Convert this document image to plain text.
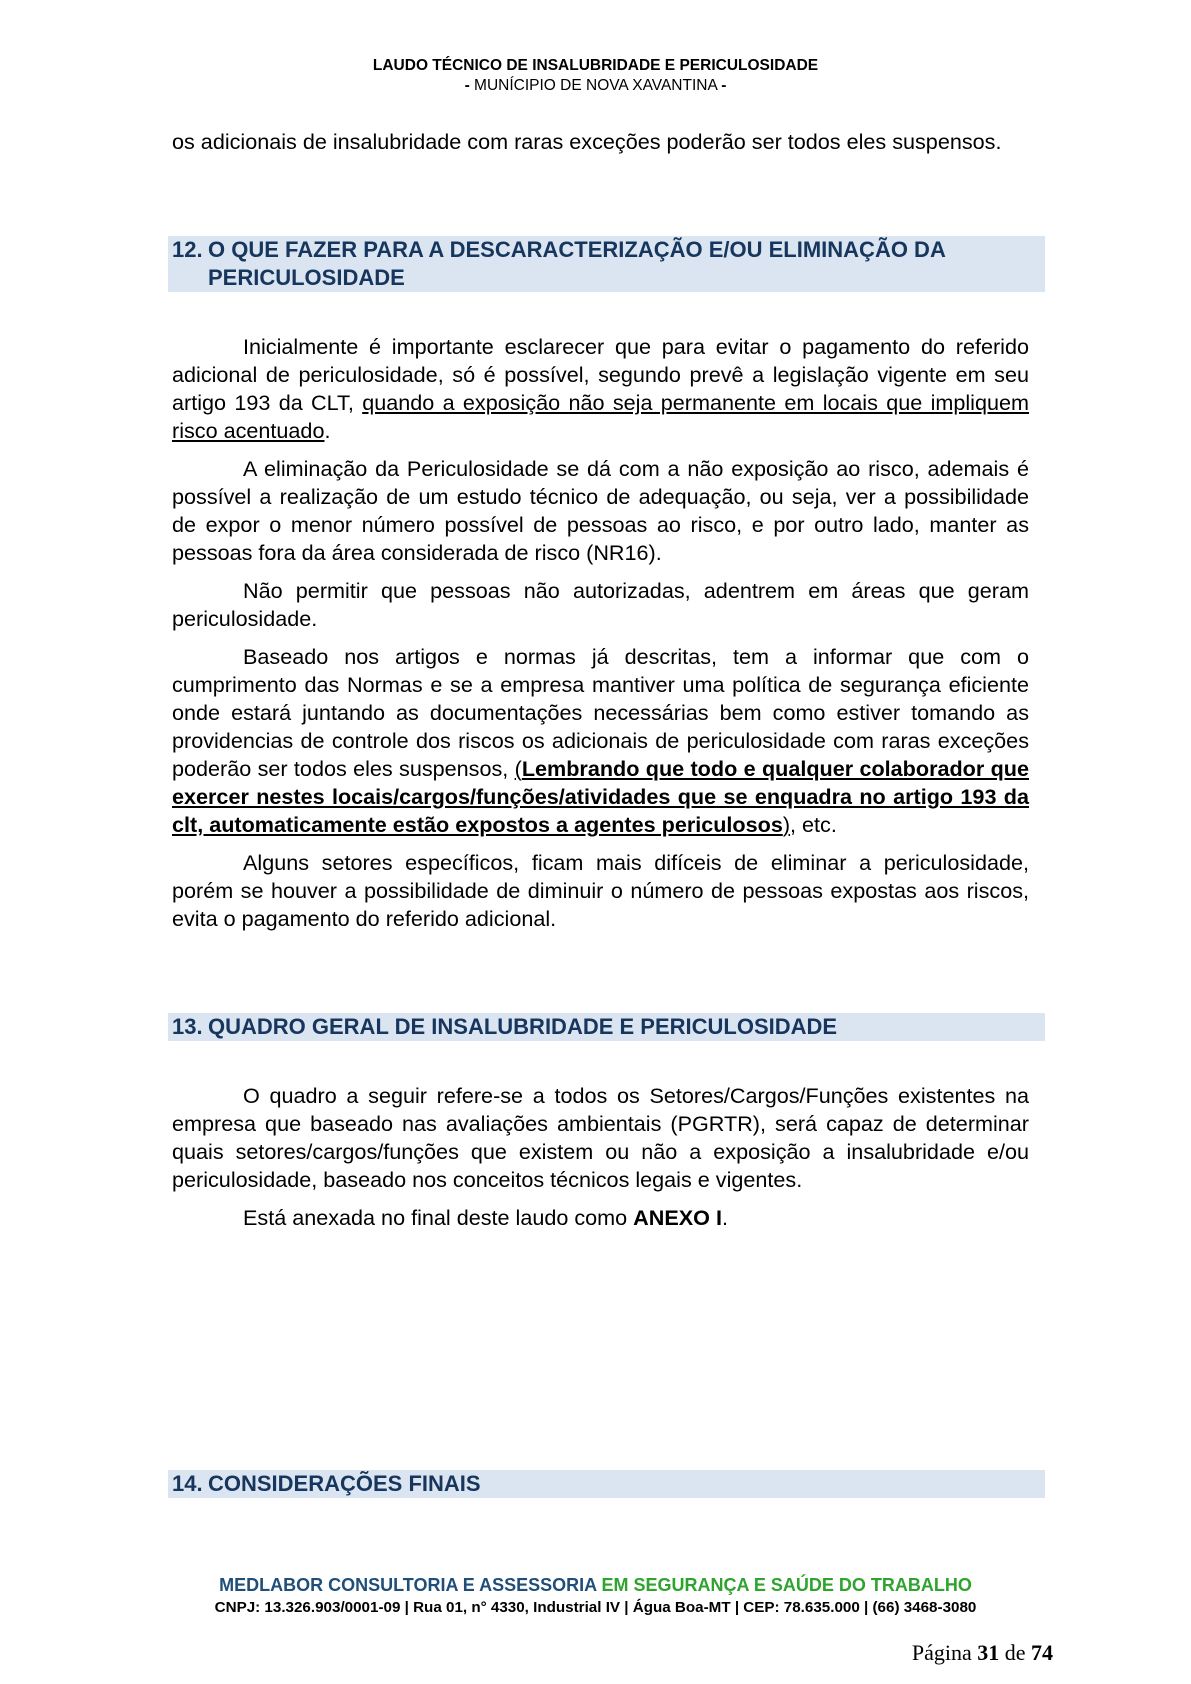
LAUDO TÉCNICO DE INSALUBRIDADE E PERICULOSIDADE
- MUNÍCIPIO DE NOVA XAVANTINA -

os adicionais de insalubridade com raras exceções poderão ser todos eles suspensos.

12. O QUE FAZER PARA A DESCARACTERIZAÇÃO E/OU ELIMINAÇÃO DA PERICULOSIDADE

Inicialmente é importante esclarecer que para evitar o pagamento do referido adicional de periculosidade, só é possível, segundo prevê a legislação vigente em seu artigo 193 da CLT, quando a exposição não seja permanente em locais que impliquem risco acentuado.

A eliminação da Periculosidade se dá com a não exposição ao risco, ademais é possível a realização de um estudo técnico de adequação, ou seja, ver a possibilidade de expor o menor número possível de pessoas ao risco, e por outro lado, manter as pessoas fora da área considerada de risco (NR16).

Não permitir que pessoas não autorizadas, adentrem em áreas que geram periculosidade.

Baseado nos artigos e normas já descritas, tem a informar que com o cumprimento das Normas e se a empresa mantiver uma política de segurança eficiente onde estará juntando as documentações necessárias bem como estiver tomando as providencias de controle dos riscos os adicionais de periculosidade com raras exceções poderão ser todos eles suspensos, (Lembrando que todo e qualquer colaborador que exercer nestes locais/cargos/funções/atividades que se enquadra no artigo 193 da clt, automaticamente estão expostos a agentes periculosos), etc.

Alguns setores específicos, ficam mais difíceis de eliminar a periculosidade, porém se houver a possibilidade de diminuir o número de pessoas expostas aos riscos, evita o pagamento do referido adicional.

13. QUADRO GERAL DE INSALUBRIDADE E PERICULOSIDADE

O quadro a seguir refere-se a todos os Setores/Cargos/Funções existentes na empresa que baseado nas avaliações ambientais (PGRTR), será capaz de determinar quais setores/cargos/funções que existem ou não a exposição a insalubridade e/ou periculosidade, baseado nos conceitos técnicos legais e vigentes.

Está anexada no final deste laudo como ANEXO I.

14. CONSIDERAÇÕES FINAIS
MEDLABOR CONSULTORIA E ASSESSORIA EM SEGURANÇA E SAÚDE DO TRABALHO
CNPJ: 13.326.903/0001-09 | Rua 01, n° 4330, Industrial IV | Água Boa-MT | CEP: 78.635.000 | (66) 3468-3080
Página 31 de 74
